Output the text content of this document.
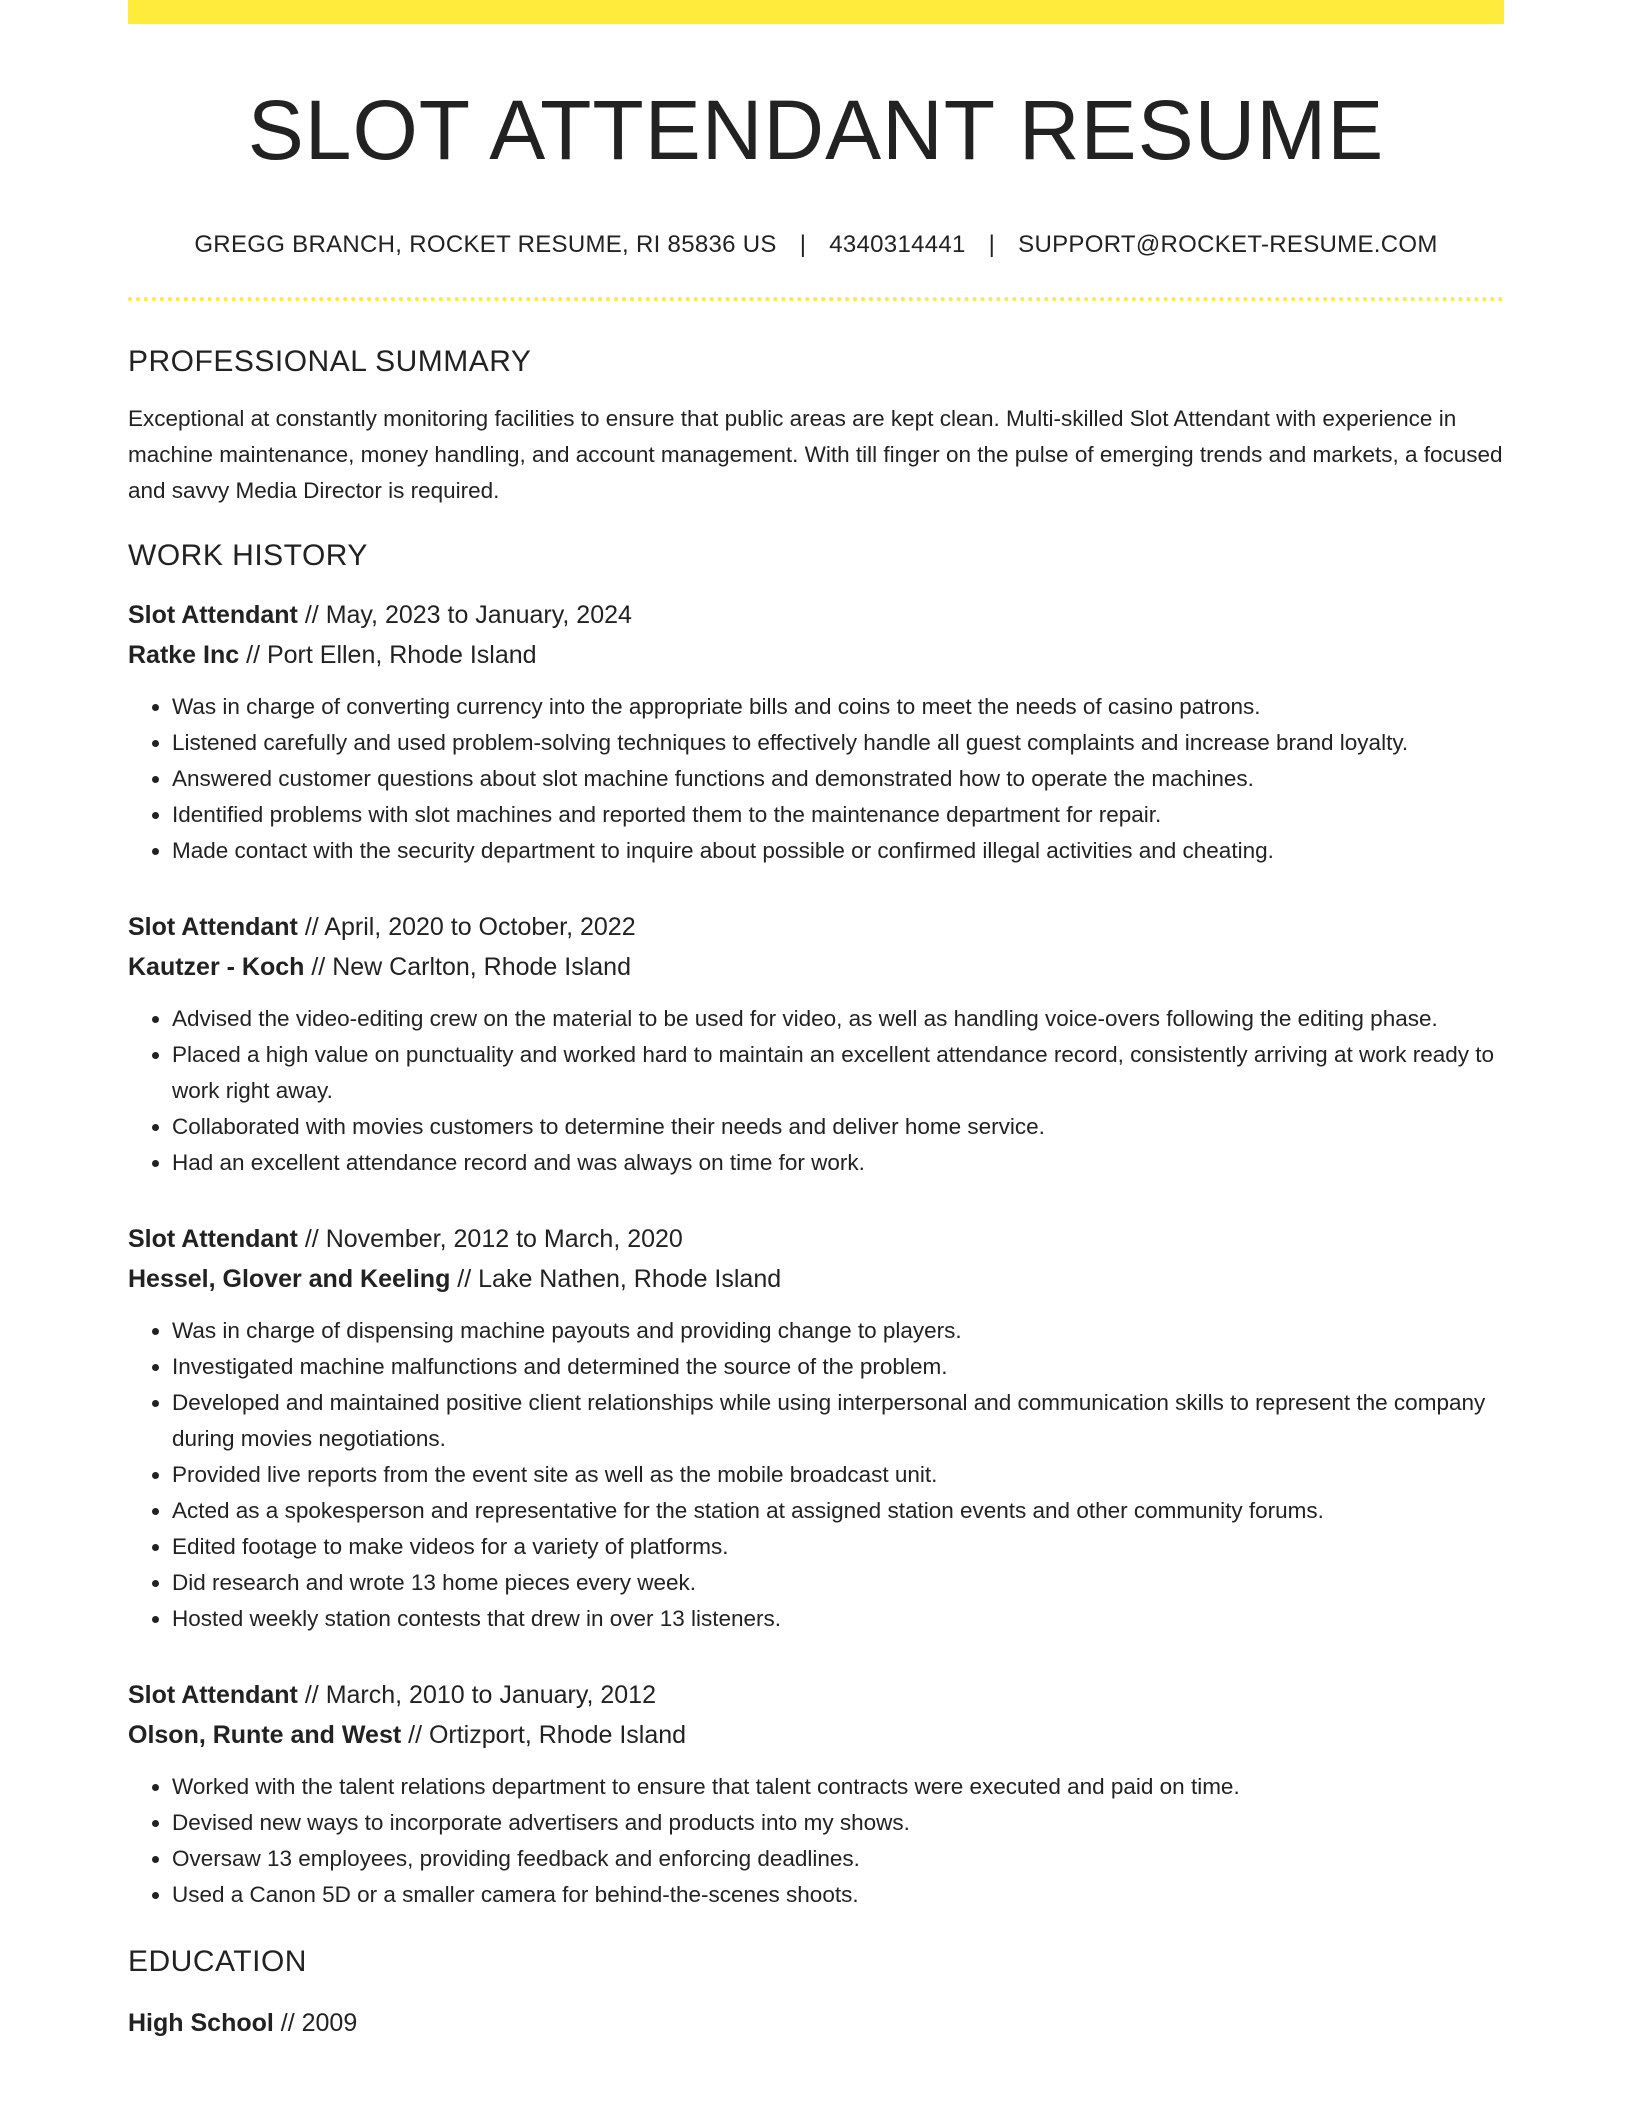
SLOT ATTENDANT RESUME
GREGG BRANCH, ROCKET RESUME, RI 85836 US | 4340314441 | SUPPORT@ROCKET-RESUME.COM
PROFESSIONAL SUMMARY
Exceptional at constantly monitoring facilities to ensure that public areas are kept clean. Multi-skilled Slot Attendant with experience in machine maintenance, money handling, and account management. With till finger on the pulse of emerging trends and markets, a focused and savvy Media Director is required.
WORK HISTORY
Slot Attendant // May, 2023 to January, 2024
Ratke Inc // Port Ellen, Rhode Island
• Was in charge of converting currency into the appropriate bills and coins to meet the needs of casino patrons.
• Listened carefully and used problem-solving techniques to effectively handle all guest complaints and increase brand loyalty.
• Answered customer questions about slot machine functions and demonstrated how to operate the machines.
• Identified problems with slot machines and reported them to the maintenance department for repair.
• Made contact with the security department to inquire about possible or confirmed illegal activities and cheating.
Slot Attendant // April, 2020 to October, 2022
Kautzer - Koch // New Carlton, Rhode Island
• Advised the video-editing crew on the material to be used for video, as well as handling voice-overs following the editing phase.
• Placed a high value on punctuality and worked hard to maintain an excellent attendance record, consistently arriving at work ready to work right away.
• Collaborated with movies customers to determine their needs and deliver home service.
• Had an excellent attendance record and was always on time for work.
Slot Attendant // November, 2012 to March, 2020
Hessel, Glover and Keeling // Lake Nathen, Rhode Island
• Was in charge of dispensing machine payouts and providing change to players.
• Investigated machine malfunctions and determined the source of the problem.
• Developed and maintained positive client relationships while using interpersonal and communication skills to represent the company during movies negotiations.
• Provided live reports from the event site as well as the mobile broadcast unit.
• Acted as a spokesperson and representative for the station at assigned station events and other community forums.
• Edited footage to make videos for a variety of platforms.
• Did research and wrote 13 home pieces every week.
• Hosted weekly station contests that drew in over 13 listeners.
Slot Attendant // March, 2010 to January, 2012
Olson, Runte and West // Ortizport, Rhode Island
• Worked with the talent relations department to ensure that talent contracts were executed and paid on time.
• Devised new ways to incorporate advertisers and products into my shows.
• Oversaw 13 employees, providing feedback and enforcing deadlines.
• Used a Canon 5D or a smaller camera for behind-the-scenes shoots.
EDUCATION
High School // 2009
